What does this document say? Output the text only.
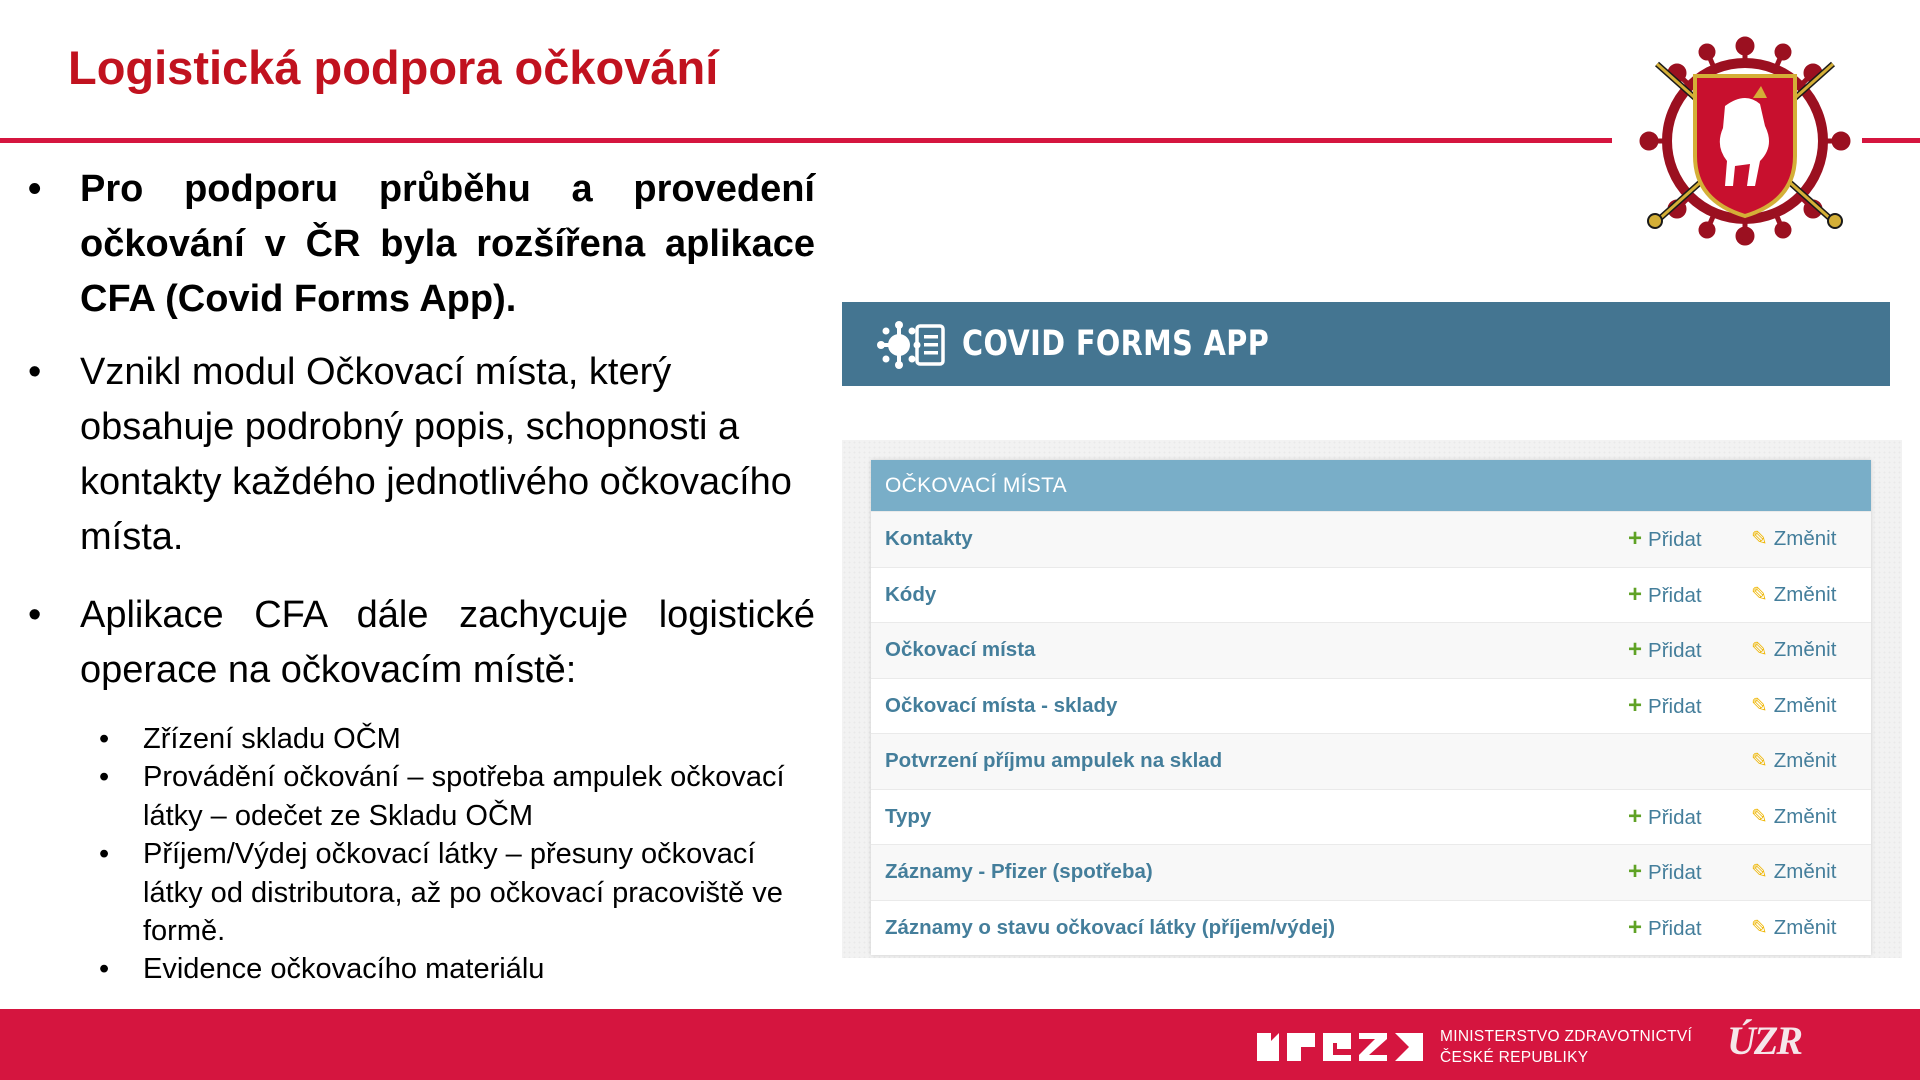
Logistická podpora očkování

• Pro podporu průběhu a provedení očkování v ČR byla rozšířena aplikace CFA (Covid Forms App).

• Vznikl modul Očkovací místa, který obsahuje podrobný popis, schopnosti a kontakty každého jednotlivého očkovacího místa.

• Aplikace CFA dále zachycuje logistické operace na očkovacím místě:

• Zřízení skladu OČM

• Provádění očkování – spotřeba ampulek očkovací látky – odečet ze Skladu OČM

• Příjem/Výdej očkovací látky – přesuny očkovací látky od distributora, až po očkovací pracoviště ve formě.

• Evidence očkovacího materiálu

COVID FORMS APP
OČKOVACÍ MÍSTA
Kontakty	+ Přidat ✎ Změnit
Kódy	+ Přidat ✎ Změnit
Očkovací místa	+ Přidat ✎ Změnit
Očkovací místa - sklady	+ Přidat ✎ Změnit
Potvrzení příjmu ampulek na sklad	✎ Změnit
Typy	+ Přidat ✎ Změnit
Záznamy - Pfizer (spotřeba)	+ Přidat ✎ Změnit
Záznamy o stavu očkovací látky (příjem/výdej)	+ Přidat ✎ Změnit
MINISTERSTVO ZDRAVOTNICTVÍ
ČESKÉ REPUBLIKY	ÚZR
